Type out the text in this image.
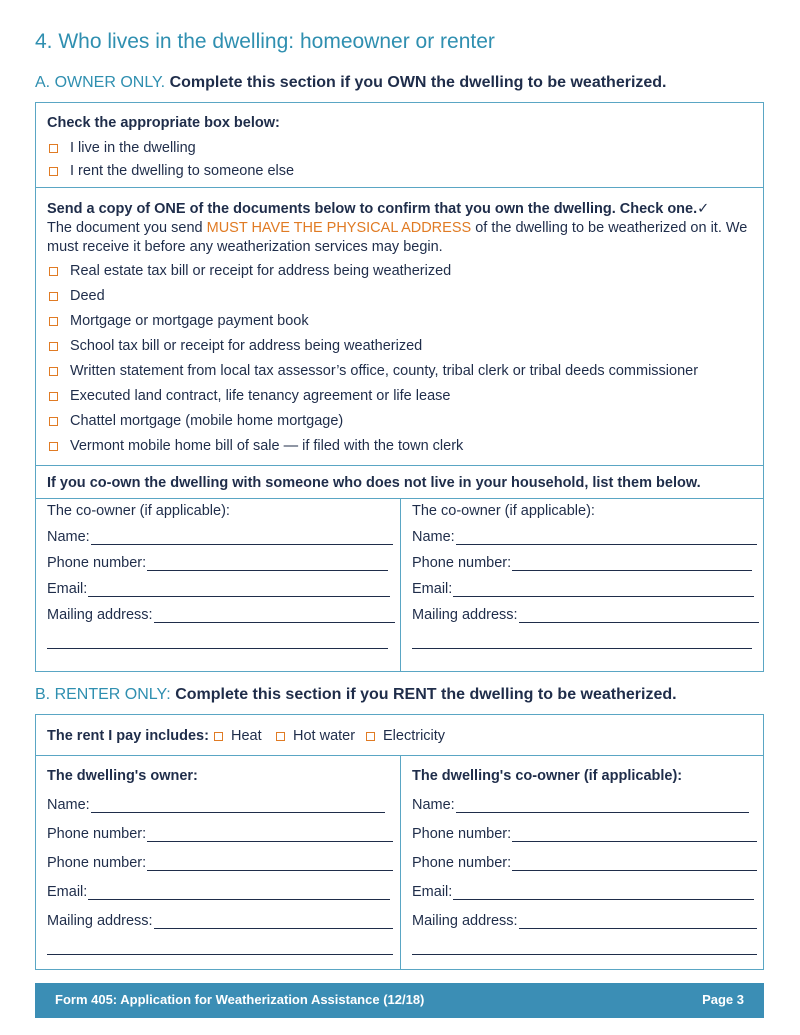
4. Who lives in the dwelling: homeowner or renter
A. OWNER ONLY. Complete this section if you OWN the dwelling to be weatherized.
Check the appropriate box below:
I live in the dwelling
I rent the dwelling to someone else
Send a copy of ONE of the documents below to confirm that you own the dwelling. Check one.✓
The document you send MUST HAVE THE PHYSICAL ADDRESS of the dwelling to be weatherized on it. We
must receive it before any weatherization services may begin.
Real estate tax bill or receipt for address being weatherized
Deed
Mortgage or mortgage payment book
School tax bill or receipt for address being weatherized
Written statement from local tax assessor’s office, county, tribal clerk or tribal deeds commissioner
Executed land contract, life tenancy agreement or life lease
Chattel mortgage (mobile home mortgage)
Vermont mobile home bill of sale — if filed with the town clerk
If you co-own the dwelling with someone who does not live in your household, list them below.
The co-owner (if applicable):
Name:
Phone number:
Email:
Mailing address:
The co-owner (if applicable):
Name:
Phone number:
Email:
Mailing address:
B. RENTER ONLY: Complete this section if you RENT the dwelling to be weatherized.
The rent I pay includes: Heat Hot water Electricity
The dwelling's owner:
Name:
Phone number:
Phone number:
Email:
Mailing address:
The dwelling's co-owner (if applicable):
Name:
Phone number:
Phone number:
Email:
Mailing address:
Form 405: Application for Weatherization Assistance (12/18)	Page 3
